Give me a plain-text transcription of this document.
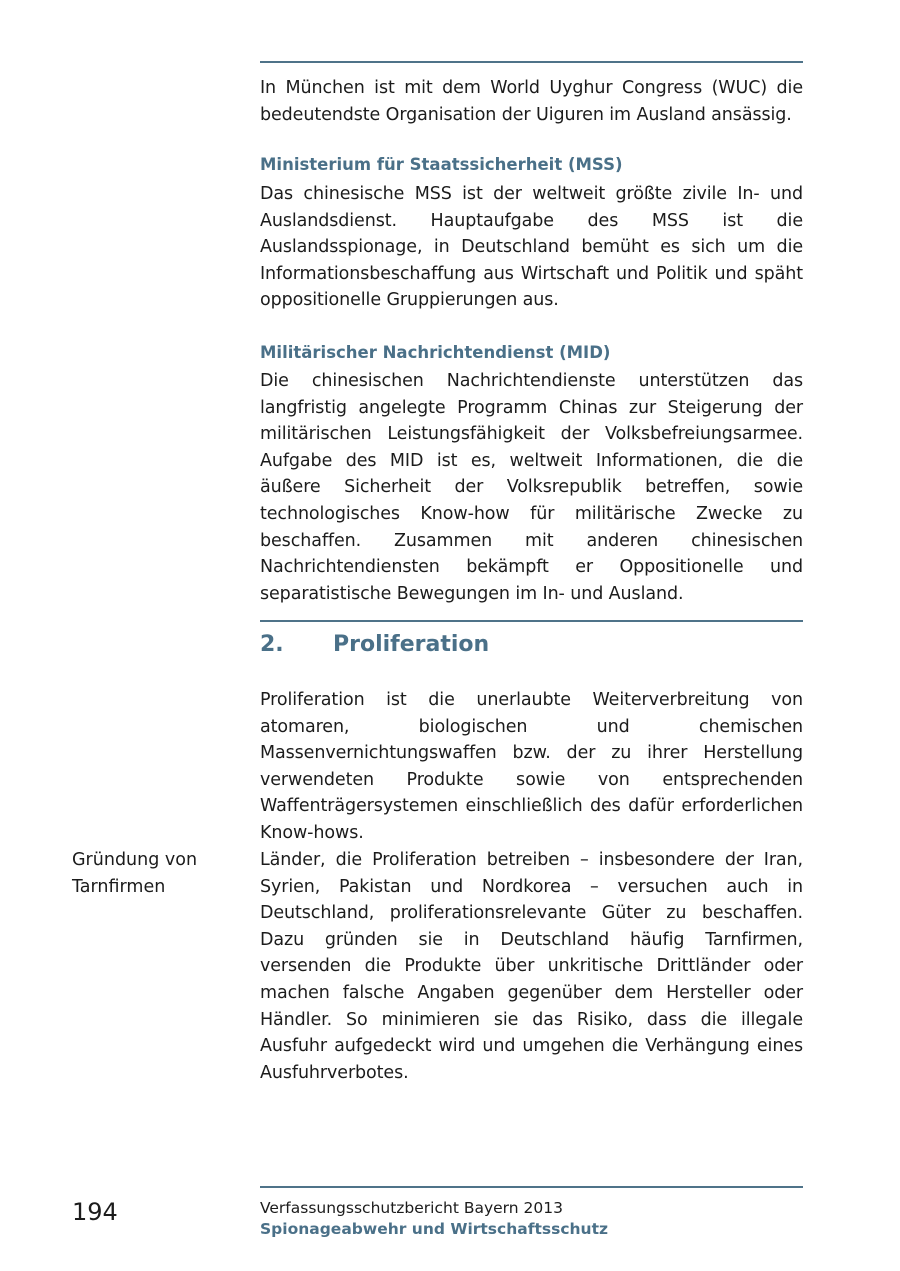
In München ist mit dem World Uyghur Congress (WUC) die bedeutendste Organisation der Uiguren im Ausland ansässig.

Ministerium für Staatssicherheit (MSS)

Das chinesische MSS ist der weltweit größte zivile In- und Auslandsdienst. Hauptaufgabe des MSS ist die Auslandsspionage, in Deutschland bemüht es sich um die Informationsbeschaffung aus Wirtschaft und Politik und späht oppositionelle Gruppierungen aus.

Militärischer Nachrichtendienst (MID)

Die chinesischen Nachrichtendienste unterstützen das langfristig angelegte Programm Chinas zur Steigerung der militärischen Leistungsfähigkeit der Volksbefreiungsarmee. Aufgabe des MID ist es, weltweit Informationen, die die äußere Sicherheit der Volksrepublik betreffen, sowie technologisches Know-how für militärische Zwecke zu beschaffen. Zusammen mit anderen chinesischen Nachrichtendiensten bekämpft er Oppositionelle und separatistische Bewegungen im In- und Ausland.

2.	Proliferation

Proliferation ist die unerlaubte Weiterverbreitung von atomaren, biologischen und chemischen Massenvernichtungswaffen bzw. der zu ihrer Herstellung verwendeten Produkte sowie von entsprechenden Waffenträgersystemen einschließlich des dafür erforderlichen Know-hows.

Gründung von
Tarnfirmen

Länder, die Proliferation betreiben – insbesondere der Iran, Syrien, Pakistan und Nordkorea – versuchen auch in Deutschland, proliferationsrelevante Güter zu beschaffen. Dazu gründen sie in Deutschland häufig Tarnfirmen, versenden die Produkte über unkritische Drittländer oder machen falsche Angaben gegenüber dem Hersteller oder Händler. So minimieren sie das Risiko, dass die illegale Ausfuhr aufgedeckt wird und umgehen die Verhängung eines Ausfuhrverbotes.

194	Verfassungsschutzbericht Bayern 2013
Spionageabwehr und Wirtschaftsschutz
